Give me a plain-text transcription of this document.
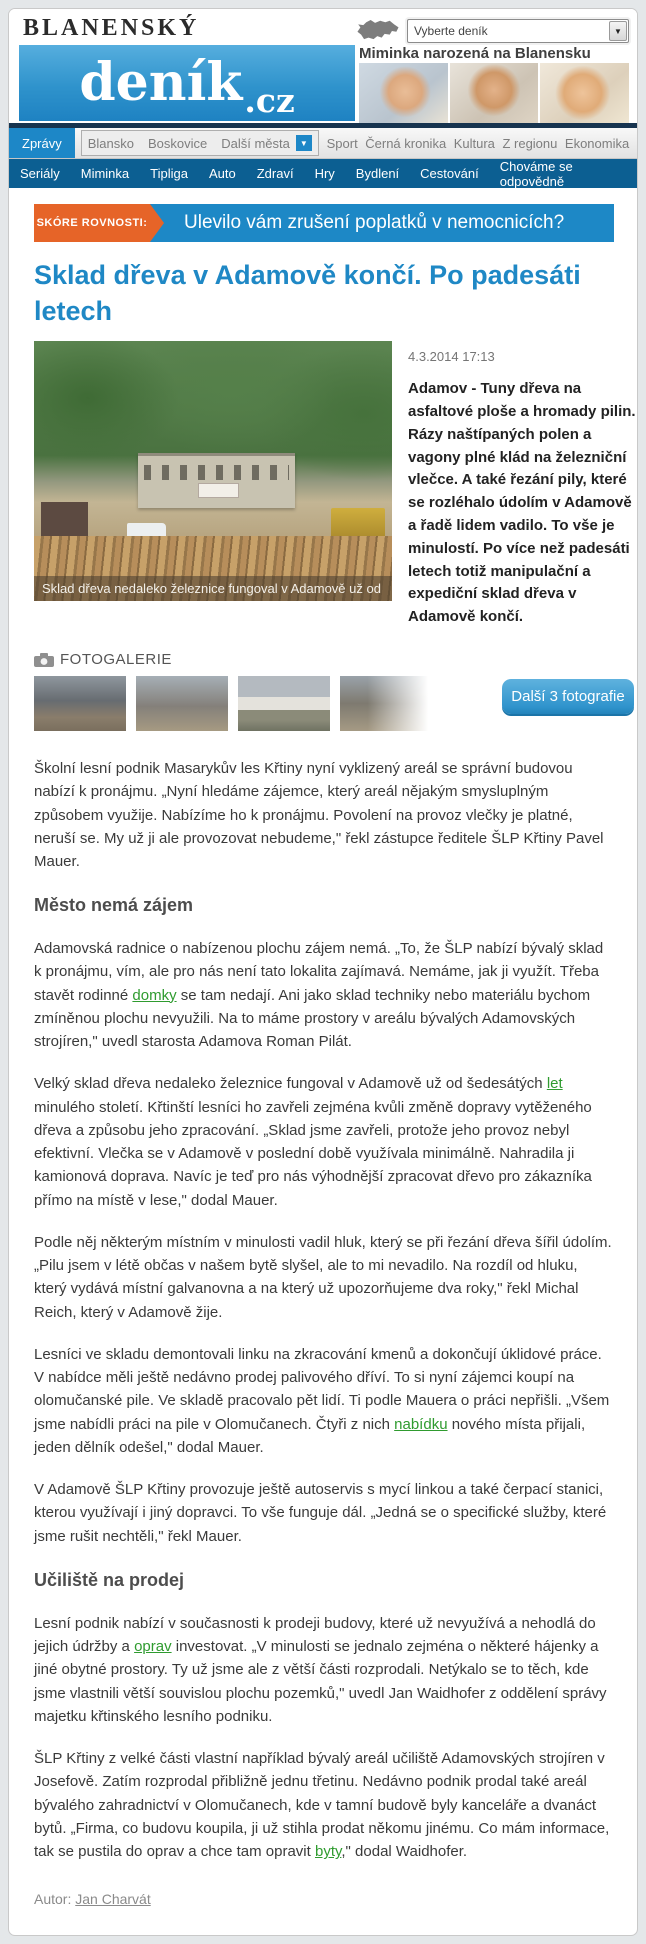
BLANENSKÝ
deník .cz
Vyberte deník	▼
Miminka narozená na Blanensku
Zprávy	Blansko Boskovice Další města	▼	Sport Černá kronika Kultura Z regionu Ekonomika
Seriály Miminka Tipliga Auto Zdraví Hry Bydlení Cestování Chováme se odpovědně
SKÓRE ROVNOSTI:	Ulevilo vám zrušení poplatků v nemocnicích?
Sklad dřeva v Adamově končí. Po padesáti letech
Sklad dřeva nedaleko železnice fungoval v Adamově už od
4.3.2014 17:13
Adamov - Tuny dřeva na asfaltové ploše a hromady pilin. Rázy naštípaných polen a vagony plné klád na železniční vlečce. A také řezání pily, které se rozléhalo údolím v Adamově a řadě lidem vadilo. To vše je minulostí. Po více než padesáti letech totiž manipulační a expediční sklad dřeva v Adamově končí.
FOTOGALERIE
Další 3 fotografie

Školní lesní podnik Masarykův les Křtiny nyní vyklizený areál se správní budovou nabízí k pronájmu. „Nyní hledáme zájemce, který areál nějakým smysluplným způsobem využije. Nabízíme ho k pronájmu. Povolení na provoz vlečky je platné, neruší se. My už ji ale provozovat nebudeme," řekl zástupce ředitele ŠLP Křtiny Pavel Mauer.

Město nemá zájem

Adamovská radnice o nabízenou plochu zájem nemá. „To, že ŠLP nabízí bývalý sklad k pronájmu, vím, ale pro nás není tato lokalita zajímavá. Nemáme, jak ji využít. Třeba stavět rodinné domky se tam nedají. Ani jako sklad techniky nebo materiálu bychom zmíněnou plochu nevyužili. Na to máme prostory v areálu bývalých Adamovských strojíren," uvedl starosta Adamova Roman Pilát.

Velký sklad dřeva nedaleko železnice fungoval v Adamově už od šedesátých let minulého století. Křtinští lesníci ho zavřeli zejména kvůli změně dopravy vytěženého dřeva a způsobu jeho zpracování. „Sklad jsme zavřeli, protože jeho provoz nebyl efektivní. Vlečka se v Adamově v poslední době využívala minimálně. Nahradila ji kamionová doprava. Navíc je teď pro nás výhodnější zpracovat dřevo pro zákazníka přímo na místě v lese," dodal Mauer.

Podle něj některým místním v minulosti vadil hluk, který se při řezání dřeva šířil údolím. „Pilu jsem v létě občas v našem bytě slyšel, ale to mi nevadilo. Na rozdíl od hluku, který vydává místní galvanovna a na který už upozorňujeme dva roky," řekl Michal Reich, který v Adamově žije.

Lesníci ve skladu demontovali linku na zkracování kmenů a dokončují úklidové práce. V nabídce měli ještě nedávno prodej palivového dříví. To si nyní zájemci koupí na olomučanské pile. Ve skladě pracovalo pět lidí. Ti podle Mauera o práci nepřišli. „Všem jsme nabídli práci na pile v Olomučanech. Čtyři z nich nabídku nového místa přijali, jeden dělník odešel," dodal Mauer.

V Adamově ŠLP Křtiny provozuje ještě autoservis s mycí linkou a také čerpací stanici, kterou využívají i jiný dopravci. To vše funguje dál. „Jedná se o specifické služby, které jsme rušit nechtěli," řekl Mauer.

Učiliště na prodej

Lesní podnik nabízí v současnosti k prodeji budovy, které už nevyužívá a nehodlá do jejich údržby a oprav investovat. „V minulosti se jednalo zejména o některé hájenky a jiné obytné prostory. Ty už jsme ale z větší části rozprodali. Netýkalo se to těch, kde jsme vlastnili větší souvislou plochu pozemků," uvedl Jan Waidhofer z oddělení správy majetku křtinského lesního podniku.

ŠLP Křtiny z velké části vlastní například bývalý areál učiliště Adamovských strojíren v Josefově. Zatím rozprodal přibližně jednu třetinu. Nedávno podnik prodal také areál bývalého zahradnictví v Olomučanech, kde v tamní budově byly kanceláře a dvanáct bytů. „Firma, co budovu koupila, ji už stihla prodat někomu jinému. Co mám informace, tak se pustila do oprav a chce tam opravit byty," dodal Waidhofer.

Autor: Jan Charvát
